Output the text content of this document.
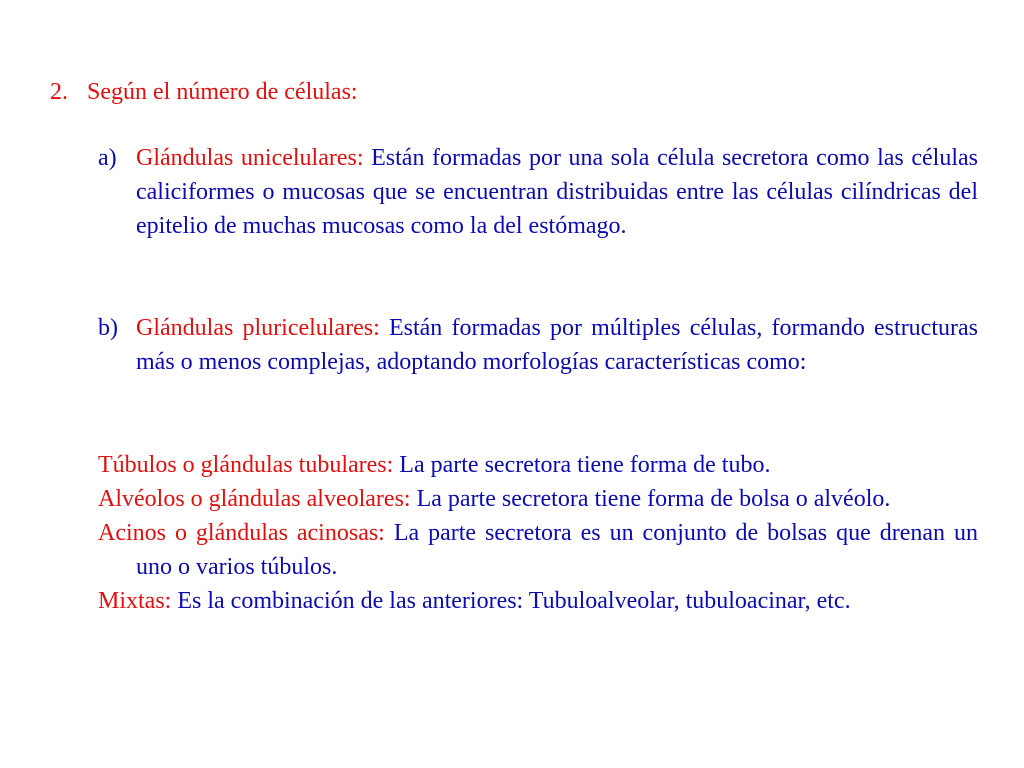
2. Según el número de células:
a) Glándulas unicelulares: Están formadas por una sola célula secretora como las células caliciformes o mucosas que se encuentran distribuidas entre las células cilíndricas del epitelio de muchas mucosas como la del estómago.
b) Glándulas pluricelulares: Están formadas por múltiples células, formando estructuras más o menos complejas, adoptando morfologías características como:
Túbulos o glándulas tubulares: La parte secretora tiene forma de tubo.
Alvéolos o glándulas alveolares: La parte secretora tiene forma de bolsa o alvéolo.
Acinos o glándulas acinosas: La parte secretora es un conjunto de bolsas que drenan un uno o varios túbulos.
Mixtas: Es la combinación de las anteriores: Tubuloalveolar, tubuloacinar, etc.
